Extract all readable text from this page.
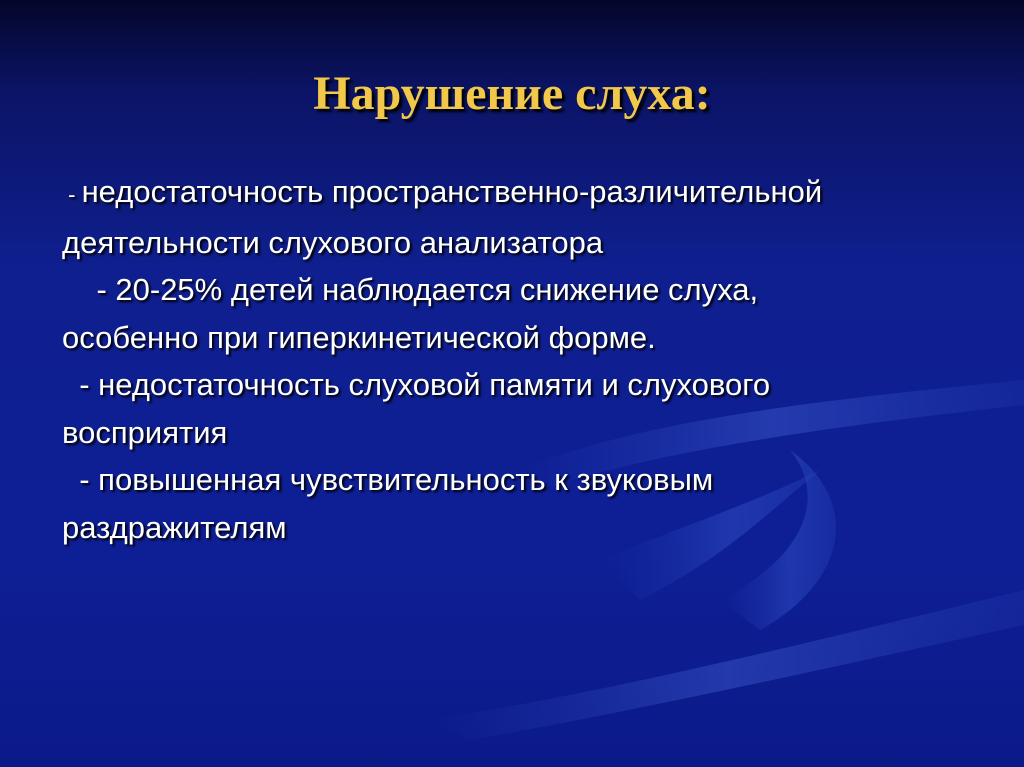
Нарушение слуха:
- недостаточность пространственно-различительной
деятельности слухового анализатора
- 20-25% детей наблюдается снижение слуха,
особенно при гиперкинетической форме.
- недостаточность слуховой памяти и слухового
восприятия
- повышенная чувствительность к звуковым
раздражителям
